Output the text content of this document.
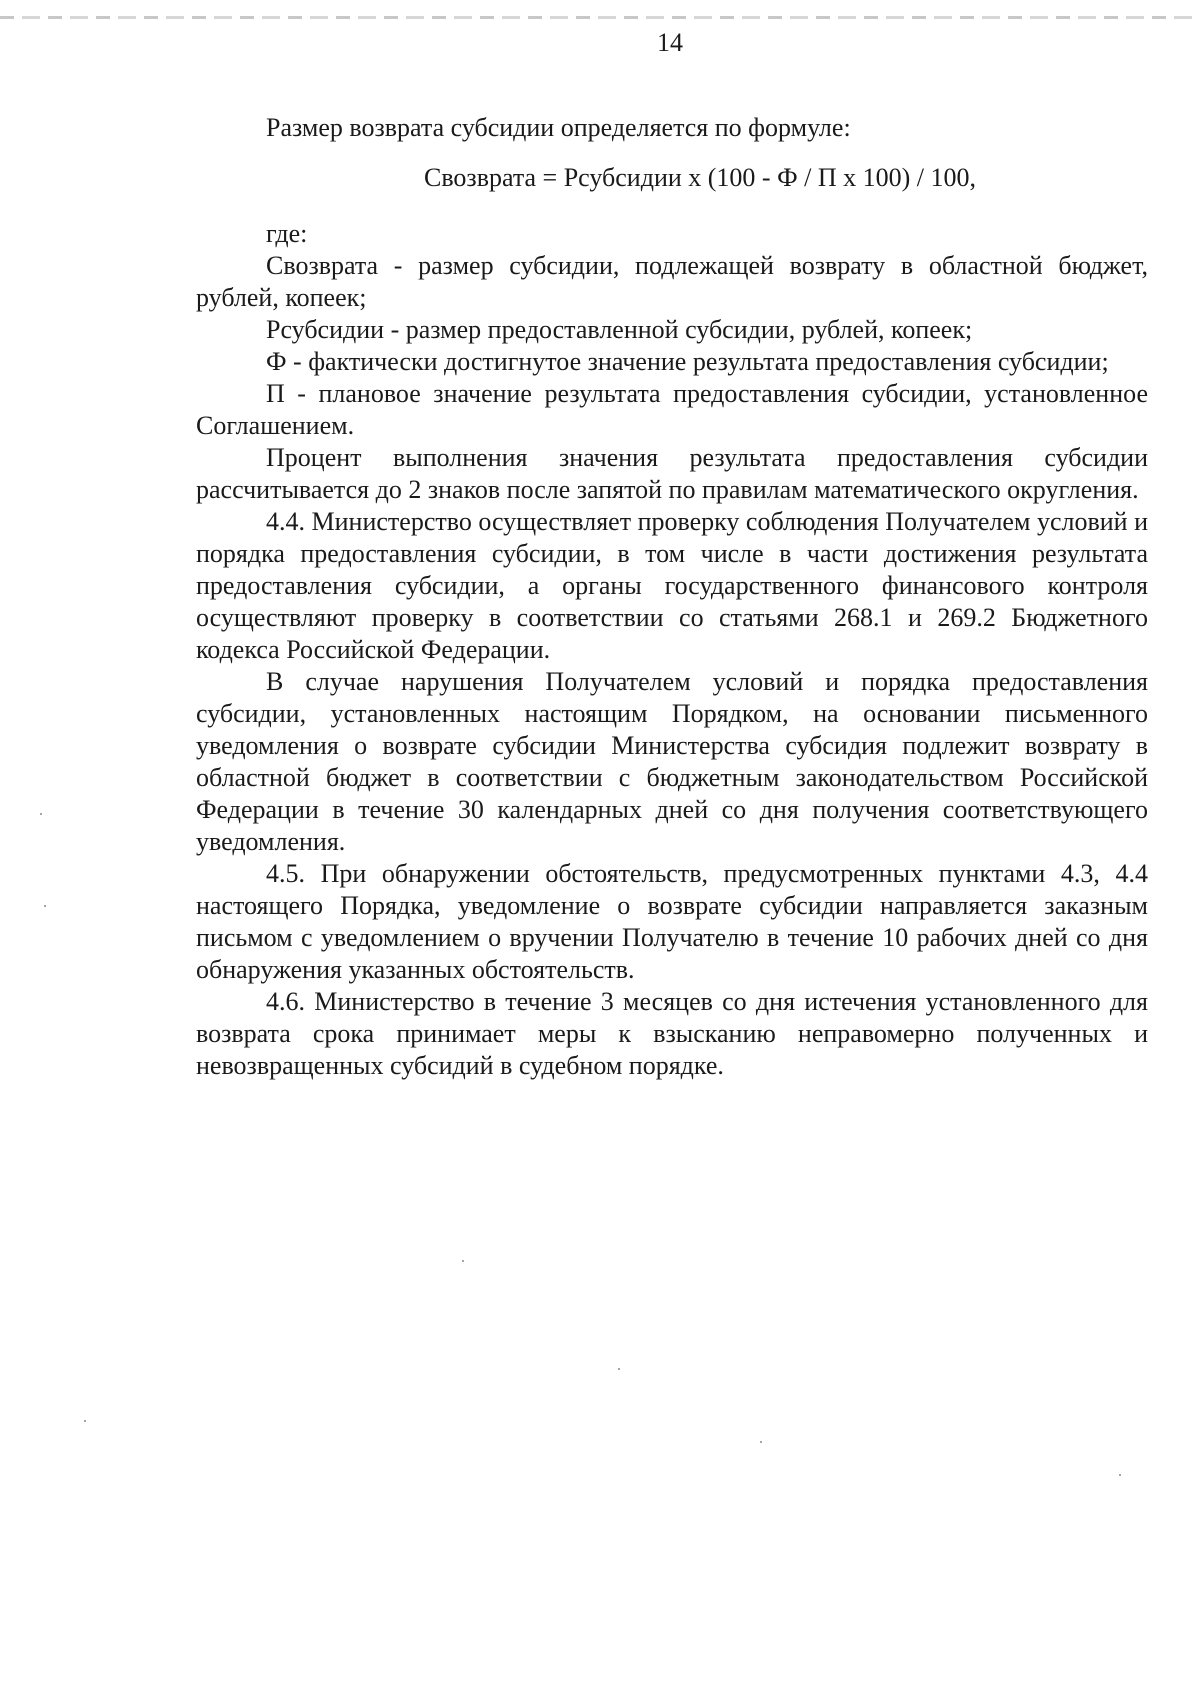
14

Размер возврата субсидии определяется по формуле:

Свозврата = Рсубсидии х (100 - Ф / П х 100) / 100,

где:

Свозврата - размер субсидии, подлежащей возврату в областной бюджет, рублей, копеек;

Рсубсидии - размер предоставленной субсидии, рублей, копеек;

Ф - фактически достигнутое значение результата предоставления субсидии;

П - плановое значение результата предоставления субсидии, установленное Соглашением.

Процент выполнения значения результата предоставления субсидии рассчитывается до 2 знаков после запятой по правилам математического округления.

4.4. Министерство осуществляет проверку соблюдения Получателем условий и порядка предоставления субсидии, в том числе в части достижения результата предоставления субсидии, а органы государственного финансового контроля осуществляют проверку в соответствии со статьями 268.1 и 269.2 Бюджетного кодекса Российской Федерации.

В случае нарушения Получателем условий и порядка предоставления субсидии, установленных настоящим Порядком, на основании письменного уведомления о возврате субсидии Министерства субсидия подлежит возврату в областной бюджет в соответствии с бюджетным законодательством Российской Федерации в течение 30 календарных дней со дня получения соответствующего уведомления.

4.5. При обнаружении обстоятельств, предусмотренных пунктами 4.3, 4.4 настоящего Порядка, уведомление о возврате субсидии направляется заказным письмом с уведомлением о вручении Получателю в течение 10 рабочих дней со дня обнаружения указанных обстоятельств.

4.6. Министерство в течение 3 месяцев со дня истечения установленного для возврата срока принимает меры к взысканию неправомерно полученных и невозвращенных субсидий в судебном порядке.
